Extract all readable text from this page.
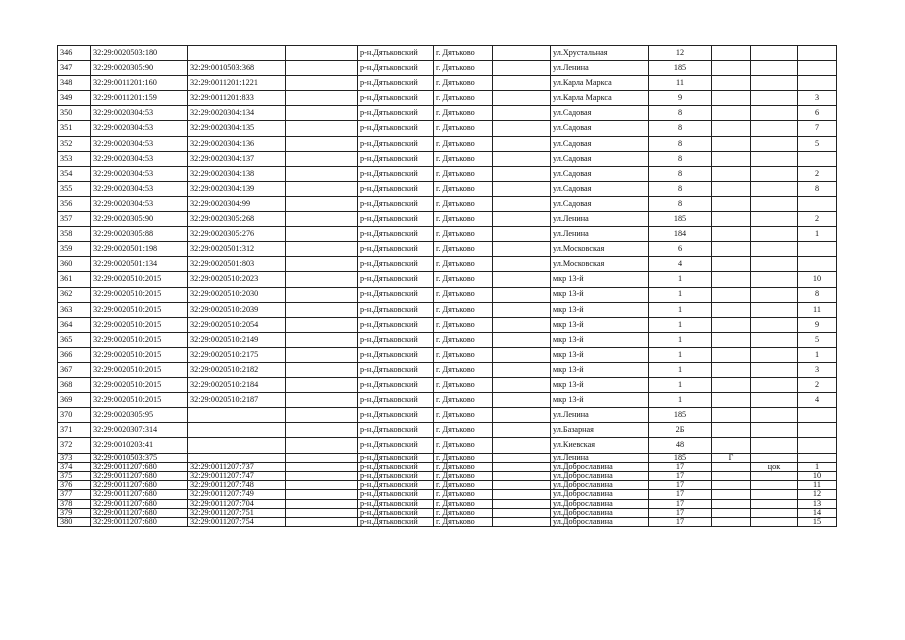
346	32:29:0020503:180			р-н.Дятьковский	г. Дятьково		ул.Хрустальная	12			
347	32:29:0020305:90	32:29:0010503:368		р-н.Дятьковский	г. Дятьково		ул.Ленина	185			
348	32:29:0011201:160	32:29:0011201:1221		р-н.Дятьковский	г. Дятьково		ул.Карла Маркса	11			
349	32:29:0011201:159	32:29:0011201:833		р-н.Дятьковский	г. Дятьково		ул.Карла Маркса	9			3
350	32:29:0020304:53	32:29:0020304:134		р-н.Дятьковский	г. Дятьково		ул.Садовая	8			6
351	32:29:0020304:53	32:29:0020304:135		р-н.Дятьковский	г. Дятьково		ул.Садовая	8			7
352	32:29:0020304:53	32:29:0020304:136		р-н.Дятьковский	г. Дятьково		ул.Садовая	8			5
353	32:29:0020304:53	32:29:0020304:137		р-н.Дятьковский	г. Дятьково		ул.Садовая	8			
354	32:29:0020304:53	32:29:0020304:138		р-н.Дятьковский	г. Дятьково		ул.Садовая	8			2
355	32:29:0020304:53	32:29:0020304:139		р-н.Дятьковский	г. Дятьково		ул.Садовая	8			8
356	32:29:0020304:53	32:29:0020304:99		р-н.Дятьковский	г. Дятьково		ул.Садовая	8			
357	32:29:0020305:90	32:29:0020305:268		р-н.Дятьковский	г. Дятьково		ул.Ленина	185			2
358	32:29:0020305:88	32:29:0020305:276		р-н.Дятьковский	г. Дятьково		ул.Ленина	184			1
359	32:29:0020501:198	32:29:0020501:312		р-н.Дятьковский	г. Дятьково		ул.Московская	6			
360	32:29:0020501:134	32:29:0020501:803		р-н.Дятьковский	г. Дятьково		ул.Московская	4			
361	32:29:0020510:2015	32:29:0020510:2023		р-н.Дятьковский	г. Дятьково		мкр 13-й	1			10
362	32:29:0020510:2015	32:29:0020510:2030		р-н.Дятьковский	г. Дятьково		мкр 13-й	1			8
363	32:29:0020510:2015	32:29:0020510:2039		р-н.Дятьковский	г. Дятьково		мкр 13-й	1			11
364	32:29:0020510:2015	32:29:0020510:2054		р-н.Дятьковский	г. Дятьково		мкр 13-й	1			9
365	32:29:0020510:2015	32:29:0020510:2149		р-н.Дятьковский	г. Дятьково		мкр 13-й	1			5
366	32:29:0020510:2015	32:29:0020510:2175		р-н.Дятьковский	г. Дятьково		мкр 13-й	1			1
367	32:29:0020510:2015	32:29:0020510:2182		р-н.Дятьковский	г. Дятьково		мкр 13-й	1			3
368	32:29:0020510:2015	32:29:0020510:2184		р-н.Дятьковский	г. Дятьково		мкр 13-й	1			2
369	32:29:0020510:2015	32:29:0020510:2187		р-н.Дятьковский	г. Дятьково		мкр 13-й	1			4
370	32:29:0020305:95			р-н.Дятьковский	г. Дятьково		ул.Ленина	185			
371	32:29:0020307:314			р-н.Дятьковский	г. Дятьково		ул.Базарная	2Б			
372	32:29:0010203:41			р-н.Дятьковский	г. Дятьково		ул.Киевская	48			
373	32:29:0010503:375			р-н.Дятьковский	г. Дятьково		ул.Ленина	185	Г		
374	32:29:0011207:680	32:29:0011207:737		р-н.Дятьковский	г. Дятьково		ул.Доброславина	17		цок	1
375	32:29:0011207:680	32:29:0011207:747		р-н.Дятьковский	г. Дятьково		ул.Доброславина	17			10
376	32:29:0011207:680	32:29:0011207:748		р-н.Дятьковский	г. Дятьково		ул.Доброславина	17			11
377	32:29:0011207:680	32:29:0011207:749		р-н.Дятьковский	г. Дятьково		ул.Доброславина	17			12
378	32:29:0011207:680	32:29:0011207:704		р-н.Дятьковский	г. Дятьково		ул.Доброславина	17			13
379	32:29:0011207:680	32:29:0011207:751		р-н.Дятьковский	г. Дятьково		ул.Доброславина	17			14
380	32:29:0011207:680	32:29:0011207:754		р-н.Дятьковский	г. Дятьково		ул.Доброславина	17			15
